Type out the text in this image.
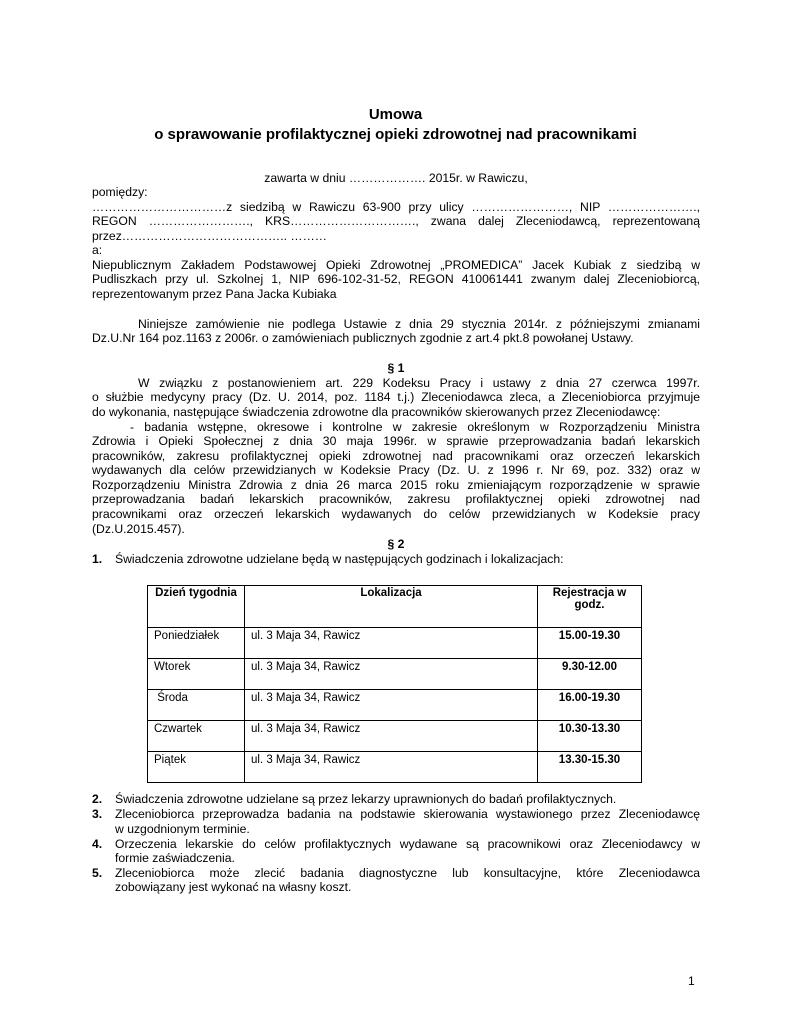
Umowa
o sprawowanie profilaktycznej opieki zdrowotnej nad pracownikami
zawarta w dniu ………………. 2015r. w Rawiczu,
pomiędzy:
……………………………z siedzibą w Rawiczu 63-900 przy ulicy ……………………, NIP ………………….,
REGON ……………………., KRS…………………………., zwana dalej Zleceniodawcą, reprezentowaną
przez………………………………….. ………
a:
Niepublicznym Zakładem Podstawowej Opieki Zdrowotnej „PROMEDICA” Jacek Kubiak z siedzibą w
Pudliszkach przy ul. Szkolnej 1, NIP 696-102-31-52, REGON 410061441 zwanym dalej Zleceniobiorcą,
reprezentowanym przez Pana Jacka Kubiaka
Niniejsze zamówienie nie podlega Ustawie z dnia 29 stycznia 2014r. z późniejszymi zmianami
Dz.U.Nr 164 poz.1163 z 2006r. o zamówieniach publicznych zgodnie z art.4 pkt.8 powołanej Ustawy.
§ 1
W związku z postanowieniem art. 229 Kodeksu Pracy i ustawy z dnia 27 czerwca 1997r.
o służbie medycyny pracy (Dz. U. 2014, poz. 1184 t.j.) Zleceniodawca zleca, a Zleceniobiorca przyjmuje
do wykonania, następujące świadczenia zdrowotne dla pracowników skierowanych przez Zleceniodawcę:
- badania wstępne, okresowe i kontrolne w zakresie określonym w Rozporządzeniu Ministra
Zdrowia i Opieki Społecznej z dnia 30 maja 1996r. w sprawie przeprowadzania badań lekarskich
pracowników, zakresu profilaktycznej opieki zdrowotnej nad pracownikami oraz orzeczeń lekarskich
wydawanych dla celów przewidzianych w Kodeksie Pracy (Dz. U. z 1996 r. Nr 69, poz. 332) oraz w
Rozporządzeniu Ministra Zdrowia z dnia 26 marca 2015 roku zmieniającym rozporządzenie w sprawie
przeprowadzania badań lekarskich pracowników, zakresu profilaktycznej opieki zdrowotnej nad
pracownikami oraz orzeczeń lekarskich wydawanych do celów przewidzianych w Kodeksie pracy
(Dz.U.2015.457).
§ 2
1. Świadczenia zdrowotne udzielane będą w następujących godzinach i lokalizacjach:
Dzień tygodnia	Lokalizacja	Rejestracja w
godz.
Poniedziałek	ul. 3 Maja 34, Rawicz	15.00-19.30
Wtorek	ul. 3 Maja 34, Rawicz	9.30-12.00
Środa	ul. 3 Maja 34, Rawicz	16.00-19.30
Czwartek	ul. 3 Maja 34, Rawicz	10.30-13.30
Piątek	ul. 3 Maja 34, Rawicz	13.30-15.30
2. Świadczenia zdrowotne udzielane są przez lekarzy uprawnionych do badań profilaktycznych.
3. Zleceniobiorca przeprowadza badania na podstawie skierowania wystawionego przez Zleceniodawcę
w uzgodnionym terminie.
4. Orzeczenia lekarskie do celów profilaktycznych wydawane są pracownikowi oraz Zleceniodawcy w
formie zaświadczenia.
5. Zleceniobiorca może zlecić badania diagnostyczne lub konsultacyjne, które Zleceniodawca
zobowiązany jest wykonać na własny koszt.
1
